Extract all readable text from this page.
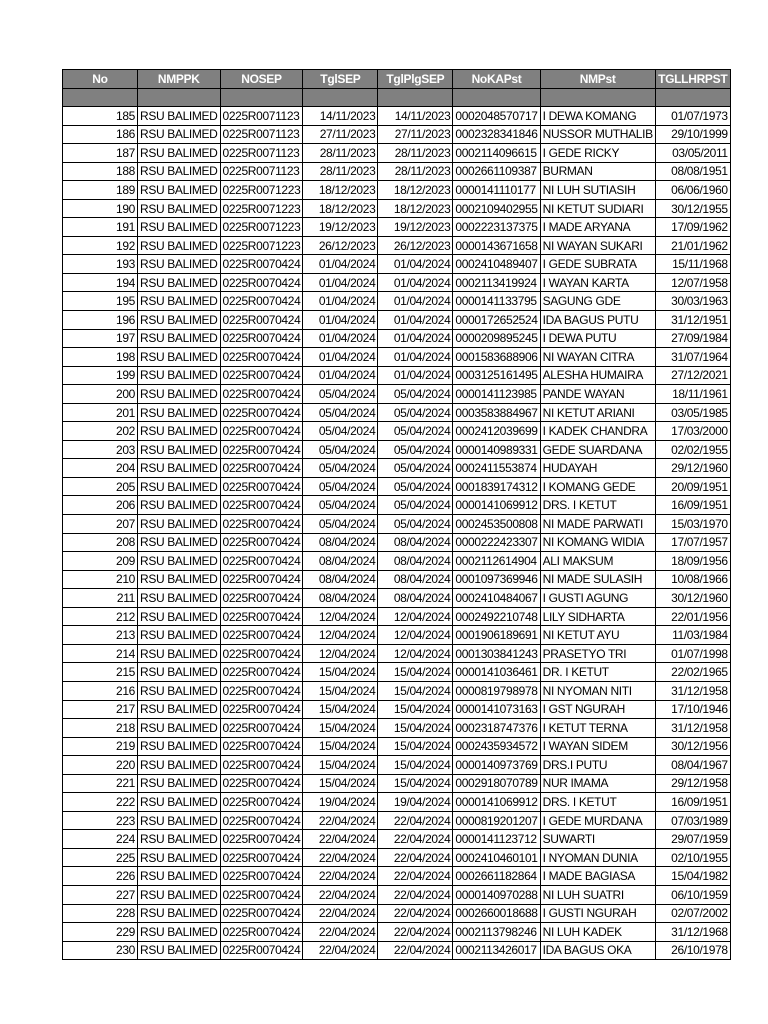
No	NMPPK	NOSEP	TglSEP	TglPlgSEP	NoKAPst	NMPst	TGLLHRPST

185	RSU BALIMED	0225R0071123	14/11/2023	14/11/2023	0002048570717	I DEWA KOMANG	01/07/1973
186	RSU BALIMED	0225R0071123	27/11/2023	27/11/2023	0002328341846	NUSSOR MUTHALIB	29/10/1999
187	RSU BALIMED	0225R0071123	28/11/2023	28/11/2023	0002114096615	I GEDE RICKY	03/05/2011
188	RSU BALIMED	0225R0071123	28/11/2023	28/11/2023	0002661109387	BURMAN	08/08/1951
189	RSU BALIMED	0225R0071223	18/12/2023	18/12/2023	0000141110177	NI LUH SUTIASIH	06/06/1960
190	RSU BALIMED	0225R0071223	18/12/2023	18/12/2023	0002109402955	NI KETUT SUDIARI	30/12/1955
191	RSU BALIMED	0225R0071223	19/12/2023	19/12/2023	0002223137375	I MADE ARYANA	17/09/1962
192	RSU BALIMED	0225R0071223	26/12/2023	26/12/2023	0000143671658	NI WAYAN SUKARI	21/01/1962
193	RSU BALIMED	0225R0070424	01/04/2024	01/04/2024	0002410489407	I GEDE SUBRATA	15/11/1968
194	RSU BALIMED	0225R0070424	01/04/2024	01/04/2024	0002113419924	I WAYAN KARTA	12/07/1958
195	RSU BALIMED	0225R0070424	01/04/2024	01/04/2024	0000141133795	SAGUNG GDE	30/03/1963
196	RSU BALIMED	0225R0070424	01/04/2024	01/04/2024	0000172652524	IDA BAGUS PUTU	31/12/1951
197	RSU BALIMED	0225R0070424	01/04/2024	01/04/2024	0000209895245	I DEWA PUTU	27/09/1984
198	RSU BALIMED	0225R0070424	01/04/2024	01/04/2024	0001583688906	NI WAYAN CITRA	31/07/1964
199	RSU BALIMED	0225R0070424	01/04/2024	01/04/2024	0003125161495	ALESHA HUMAIRA	27/12/2021
200	RSU BALIMED	0225R0070424	05/04/2024	05/04/2024	0000141123985	PANDE WAYAN	18/11/1961
201	RSU BALIMED	0225R0070424	05/04/2024	05/04/2024	0003583884967	NI KETUT ARIANI	03/05/1985
202	RSU BALIMED	0225R0070424	05/04/2024	05/04/2024	0002412039699	I KADEK CHANDRA	17/03/2000
203	RSU BALIMED	0225R0070424	05/04/2024	05/04/2024	0000140989331	GEDE SUARDANA	02/02/1955
204	RSU BALIMED	0225R0070424	05/04/2024	05/04/2024	0002411553874	HUDAYAH	29/12/1960
205	RSU BALIMED	0225R0070424	05/04/2024	05/04/2024	0001839174312	I KOMANG GEDE	20/09/1951
206	RSU BALIMED	0225R0070424	05/04/2024	05/04/2024	0000141069912	DRS. I KETUT	16/09/1951
207	RSU BALIMED	0225R0070424	05/04/2024	05/04/2024	0002453500808	NI MADE PARWATI	15/03/1970
208	RSU BALIMED	0225R0070424	08/04/2024	08/04/2024	0000222423307	NI KOMANG WIDIA	17/07/1957
209	RSU BALIMED	0225R0070424	08/04/2024	08/04/2024	0002112614904	ALI MAKSUM	18/09/1956
210	RSU BALIMED	0225R0070424	08/04/2024	08/04/2024	0001097369946	NI MADE SULASIH	10/08/1966
211	RSU BALIMED	0225R0070424	08/04/2024	08/04/2024	0002410484067	I GUSTI AGUNG	30/12/1960
212	RSU BALIMED	0225R0070424	12/04/2024	12/04/2024	0002492210748	LILY SIDHARTA	22/01/1956
213	RSU BALIMED	0225R0070424	12/04/2024	12/04/2024	0001906189691	NI KETUT AYU	11/03/1984
214	RSU BALIMED	0225R0070424	12/04/2024	12/04/2024	0001303841243	PRASETYO TRI	01/07/1998
215	RSU BALIMED	0225R0070424	15/04/2024	15/04/2024	0000141036461	DR. I KETUT	22/02/1965
216	RSU BALIMED	0225R0070424	15/04/2024	15/04/2024	0000819798978	NI NYOMAN NITI	31/12/1958
217	RSU BALIMED	0225R0070424	15/04/2024	15/04/2024	0000141073163	I GST NGURAH	17/10/1946
218	RSU BALIMED	0225R0070424	15/04/2024	15/04/2024	0002318747376	I KETUT TERNA	31/12/1958
219	RSU BALIMED	0225R0070424	15/04/2024	15/04/2024	0002435934572	I WAYAN SIDEM	30/12/1956
220	RSU BALIMED	0225R0070424	15/04/2024	15/04/2024	0000140973769	DRS.I PUTU	08/04/1967
221	RSU BALIMED	0225R0070424	15/04/2024	15/04/2024	0002918070789	NUR IMAMA	29/12/1958
222	RSU BALIMED	0225R0070424	19/04/2024	19/04/2024	0000141069912	DRS. I KETUT	16/09/1951
223	RSU BALIMED	0225R0070424	22/04/2024	22/04/2024	0000819201207	I GEDE MURDANA	07/03/1989
224	RSU BALIMED	0225R0070424	22/04/2024	22/04/2024	0000141123712	SUWARTI	29/07/1959
225	RSU BALIMED	0225R0070424	22/04/2024	22/04/2024	0002410460101	I NYOMAN DUNIA	02/10/1955
226	RSU BALIMED	0225R0070424	22/04/2024	22/04/2024	0002661182864	I MADE BAGIASA	15/04/1982
227	RSU BALIMED	0225R0070424	22/04/2024	22/04/2024	0000140970288	NI LUH SUATRI	06/10/1959
228	RSU BALIMED	0225R0070424	22/04/2024	22/04/2024	0002660018688	I GUSTI NGURAH	02/07/2002
229	RSU BALIMED	0225R0070424	22/04/2024	22/04/2024	0002113798246	NI LUH KADEK	31/12/1968
230	RSU BALIMED	0225R0070424	22/04/2024	22/04/2024	0002113426017	IDA BAGUS OKA	26/10/1978
